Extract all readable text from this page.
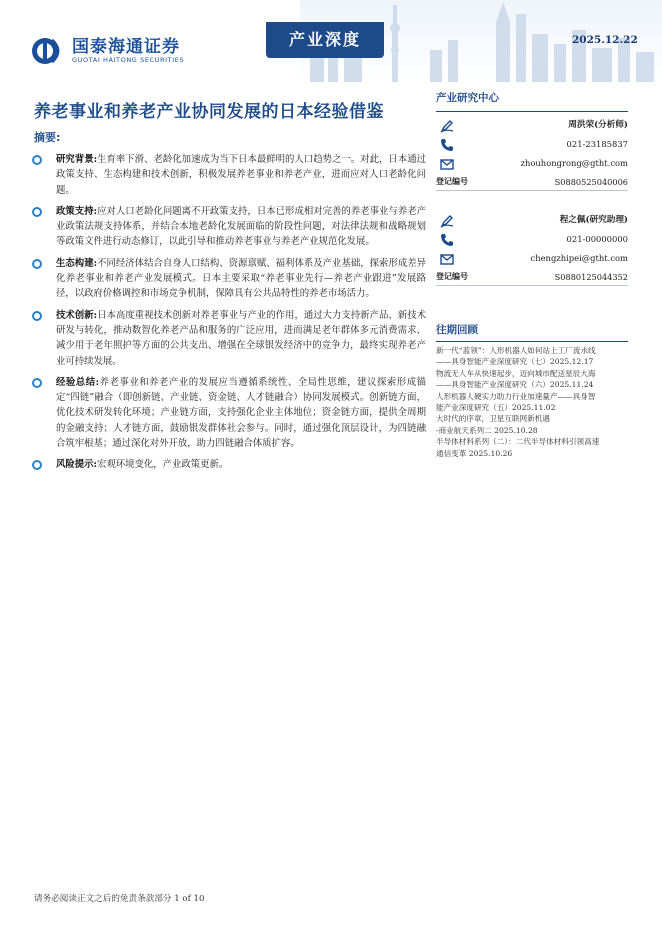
国泰海通证券
GUOTAI HAITONG SECURITIES
产业深度	2025.12.22
养老事业和养老产业协同发展的日本经验借鉴
摘要:
研究背景:生育率下滑、老龄化加速成为当下日本最鲜明的人口趋势之一。对此，日本通过政策支持、生态构建和技术创新，积极发展养老事业和养老产业，进而应对人口老龄化问题。
政策支持:应对人口老龄化问题离不开政策支持，日本已形成相对完善的养老事业与养老产业政策法规支持体系，并结合本地老龄化发展面临的阶段性问题，对法律法规和战略规划等政策文件进行动态修订，以此引导和推动养老事业与养老产业规范化发展。
生态构建:不同经济体结合自身人口结构、资源禀赋、福利体系及产业基础，探索形成差异化养老事业和养老产业发展模式。日本主要采取“养老事业先行—养老产业跟进”发展路径，以政府价格调控和市场竞争机制，保障具有公共品特性的养老市场活力。
技术创新:日本高度重视技术创新对养老事业与产业的作用，通过大力支持新产品、新技术研发与转化，推动数智化养老产品和服务的广泛应用，进而满足老年群体多元消费需求、减少用于老年照护等方面的公共支出、增强在全球银发经济中的竞争力，最终实现养老产业可持续发展。
经验总结:养老事业和养老产业的发展应当遵循系统性、全局性思维，建议探索形成锚定“四链”融合（即创新链、产业链、资金链、人才链融合）协同发展模式。创新链方面，优化技术研发转化环境；产业链方面，支持强化企业主体地位；资金链方面，提供全周期的金融支持；人才链方面，鼓励银发群体社会参与。同时，通过强化顶层设计，为四链融合筑牢根基；通过深化对外开放，助力四链融合体质扩容。
风险提示:宏观环境变化，产业政策更新。
产业研究中心
周洪荣(分析师)
021-23185837
zhouhongrong@gtht.com
登记编号	S0880525040006
程之佩(研究助理)
021-00000000
chengzhipei@gtht.com
登记编号	S0880125044352
往期回顾
新一代“蓝领”：人形机器人如何站上工厂流水线
——具身智能产业深度研究（七）2025.12.17
物流无人车从快速起步，迈向城市配送星辰大海
——具身智能产业深度研究（六）2025.11.24
人形机器人硬实力助力行业加速量产——具身智
能产业深度研究（五）2025.11.02
大时代的序章，卫星互联网新机遇
-商业航天系列二 2025.10.28
半导体材料系列（二）：二代半导体材料引领高速
通信变革 2025.10.26
请务必阅读正文之后的免责条款部分 1 of 10
